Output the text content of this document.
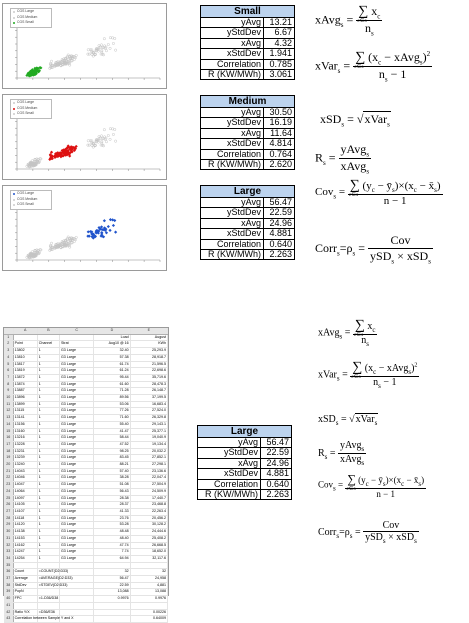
CGS Large
CGS Medium
CGS Small
CGS Large
CGS Medium
CGS Small
CGS Large
CGS Medium
CGS Small
Small	
yAvg	13.21
yStdDev	6.67
xAvg	4.32
xStdDev	1.941
Correlation	0.785
R (KW/MWh)	3.061
Medium	
yAvg	30.50
yStdDev	16.19
xAvg	11.64
xStdDev	4.814
Correlation	0.764
R (KW/MWh)	2.620
Large	
yAvg	56.47
yStdDev	22.59
xAvg	24.96
xStdDev	4.881
Correlation	0.640
R (KW/MWh)	2.263
Large	
yAvg	56.47
yStdDev	22.59
xAvg	24.96
xStdDev	4.881
Correlation	0.640
R (KW/MWh)	2.263
xAvg$_s$ = ∑
c∈s
$x_c$
$n_s$
xVar$_s$ = ∑
c∈s
($x_c$ − xAvg$_s$)$^2$
$n_s - 1$
xSD$_s$ = √xVar$_s$
$R_s = \frac{yAvg_s}{xAvg_s}$
Cov$_s$ = ∑
c∈s
($y_c$ − $ȳ_s)\times(x_c$ − $x̄_s$)
n − 1
$Corr_s=\rho_s = \frac{\text{Cov}}{ySD_s \times xSD_s}$
xAvg$_s$ = ∑
c∈s
$x_c$
$n_s$
xVar$_s$ = ∑
c∈s
($x_c$ − xAvg$_s$)$^2$
$n_s - 1$
xSD$_s$ = √xVar$_s$
$R_s = \frac{yAvg_s}{xAvg_s}$
Cov$_s$ = ∑
c∈s
($y_c$ − $ȳ_s)\times(x_c$ − $x̄_s$)
n − 1
$Corr_s=\rho_s = \frac{\text{Cov}}{ySD_s \times xSD_s}$
	A	B	C	D	E
1				Load	August
2	Point	Channel	Strat	Aug10 @ 16	KWh
3	13802	1	G3 Large	32.40	25,293.9
4	13810	1	G3 Large	57.38	28,918.7
5	13817	1	G3 Large	61.74	21,596.5
6	13819	1	G3 Large	61.24	22,698.6
7	13872	1	G3 Large	95.44	35,719.6
8	13874	1	G3 Large	61.60	28,478.3
9	13887	1	G3 Large	71.28	26,148.7
10	13896	1	G3 Large	89.56	37,199.5
11	13899	1	G3 Large	53.06	16,683.4
12	13115	1	G3 Large	77.26	27,524.0
13	13141	1	G3 Large	71.60	26,329.8
14	13156	1	G3 Large	55.40	29,143.1
15	13160	1	G3 Large	41.47	25,377.1
16	13216	1	G3 Large	58.44	19,040.9
17	13228	1	G3 Large	47.52	19,134.4
18	13231	1	G3 Large	98.25	20,032.2
19	13239	1	G3 Large	83.45	27,852.1
20	13240	1	G3 Large	88.21	27,298.1
21	14043	1	G3 Large	57.40	23,136.6
22	14046	1	G3 Large	38.28	22,047.4
23	14047	1	G3 Large	51.08	27,504.9
24	14064	1	G3 Large	56.43	24,509.9
25	14097	1	G3 Large	28.38	17,440.7
26	14105	1	G3 Large	28.37	23,468.8
27	14107	1	G3 Large	41.33	22,263.4
28	14118	1	G3 Large	23.76	20,456.2
29	14120	1	G3 Large	53.28	30,128.2
30	14138	1	G3 Large	48.48	24,444.6
31	14153	1	G3 Large	48.40	25,408.2
32	14162	1	G3 Large	47.74	26,668.5
33	14247	1	G3 Large	7.74	18,652.0
34	14254	1	G3 Large	64.94	32,117.6
35					
36	Count	=COUNT(D2:D33)		32	32
37	Average	=AVERAGE(D2:D33)		56.47	24,958
38	StdDev	=STDEV(D2:D33)		22.59	4,881
39	PopN			13,088	13,088
40	FPC	=1-D36/D38		0.9976	0.9976
41					
42	Ratio Y/X	=D36/E36			0.00226
43	Correlation between Sample Y and X				0.64009
